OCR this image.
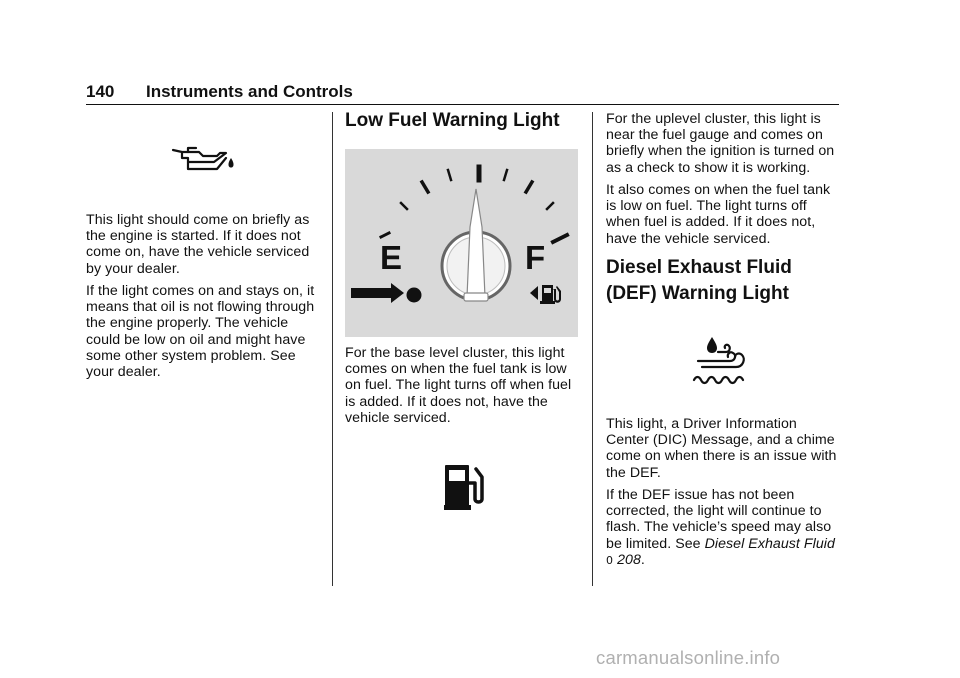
140 Instruments and Controls
This light should come on briefly as
the engine is started. If it does not
come on, have the vehicle serviced
by your dealer.
If the light comes on and stays on, it
means that oil is not flowing through
the engine properly. The vehicle
could be low on oil and might have
some other system problem. See
your dealer.
Low Fuel Warning Light
E	F
For the base level cluster, this light
comes on when the fuel tank is low
on fuel. The light turns off when fuel
is added. If it does not, have the
vehicle serviced.
For the uplevel cluster, this light is
near the fuel gauge and comes on
briefly when the ignition is turned on
as a check to show it is working.
It also comes on when the fuel tank
is low on fuel. The light turns off
when fuel is added. If it does not,
have the vehicle serviced.
Diesel Exhaust Fluid
(DEF) Warning Light
This light, a Driver Information
Center (DIC) Message, and a chime
come on when there is an issue with
the DEF.
If the DEF issue has not been
corrected, the light will continue to
flash. The vehicle’s speed may also
be limited. See Diesel Exhaust Fluid
0 208.
carmanualsonline.info
